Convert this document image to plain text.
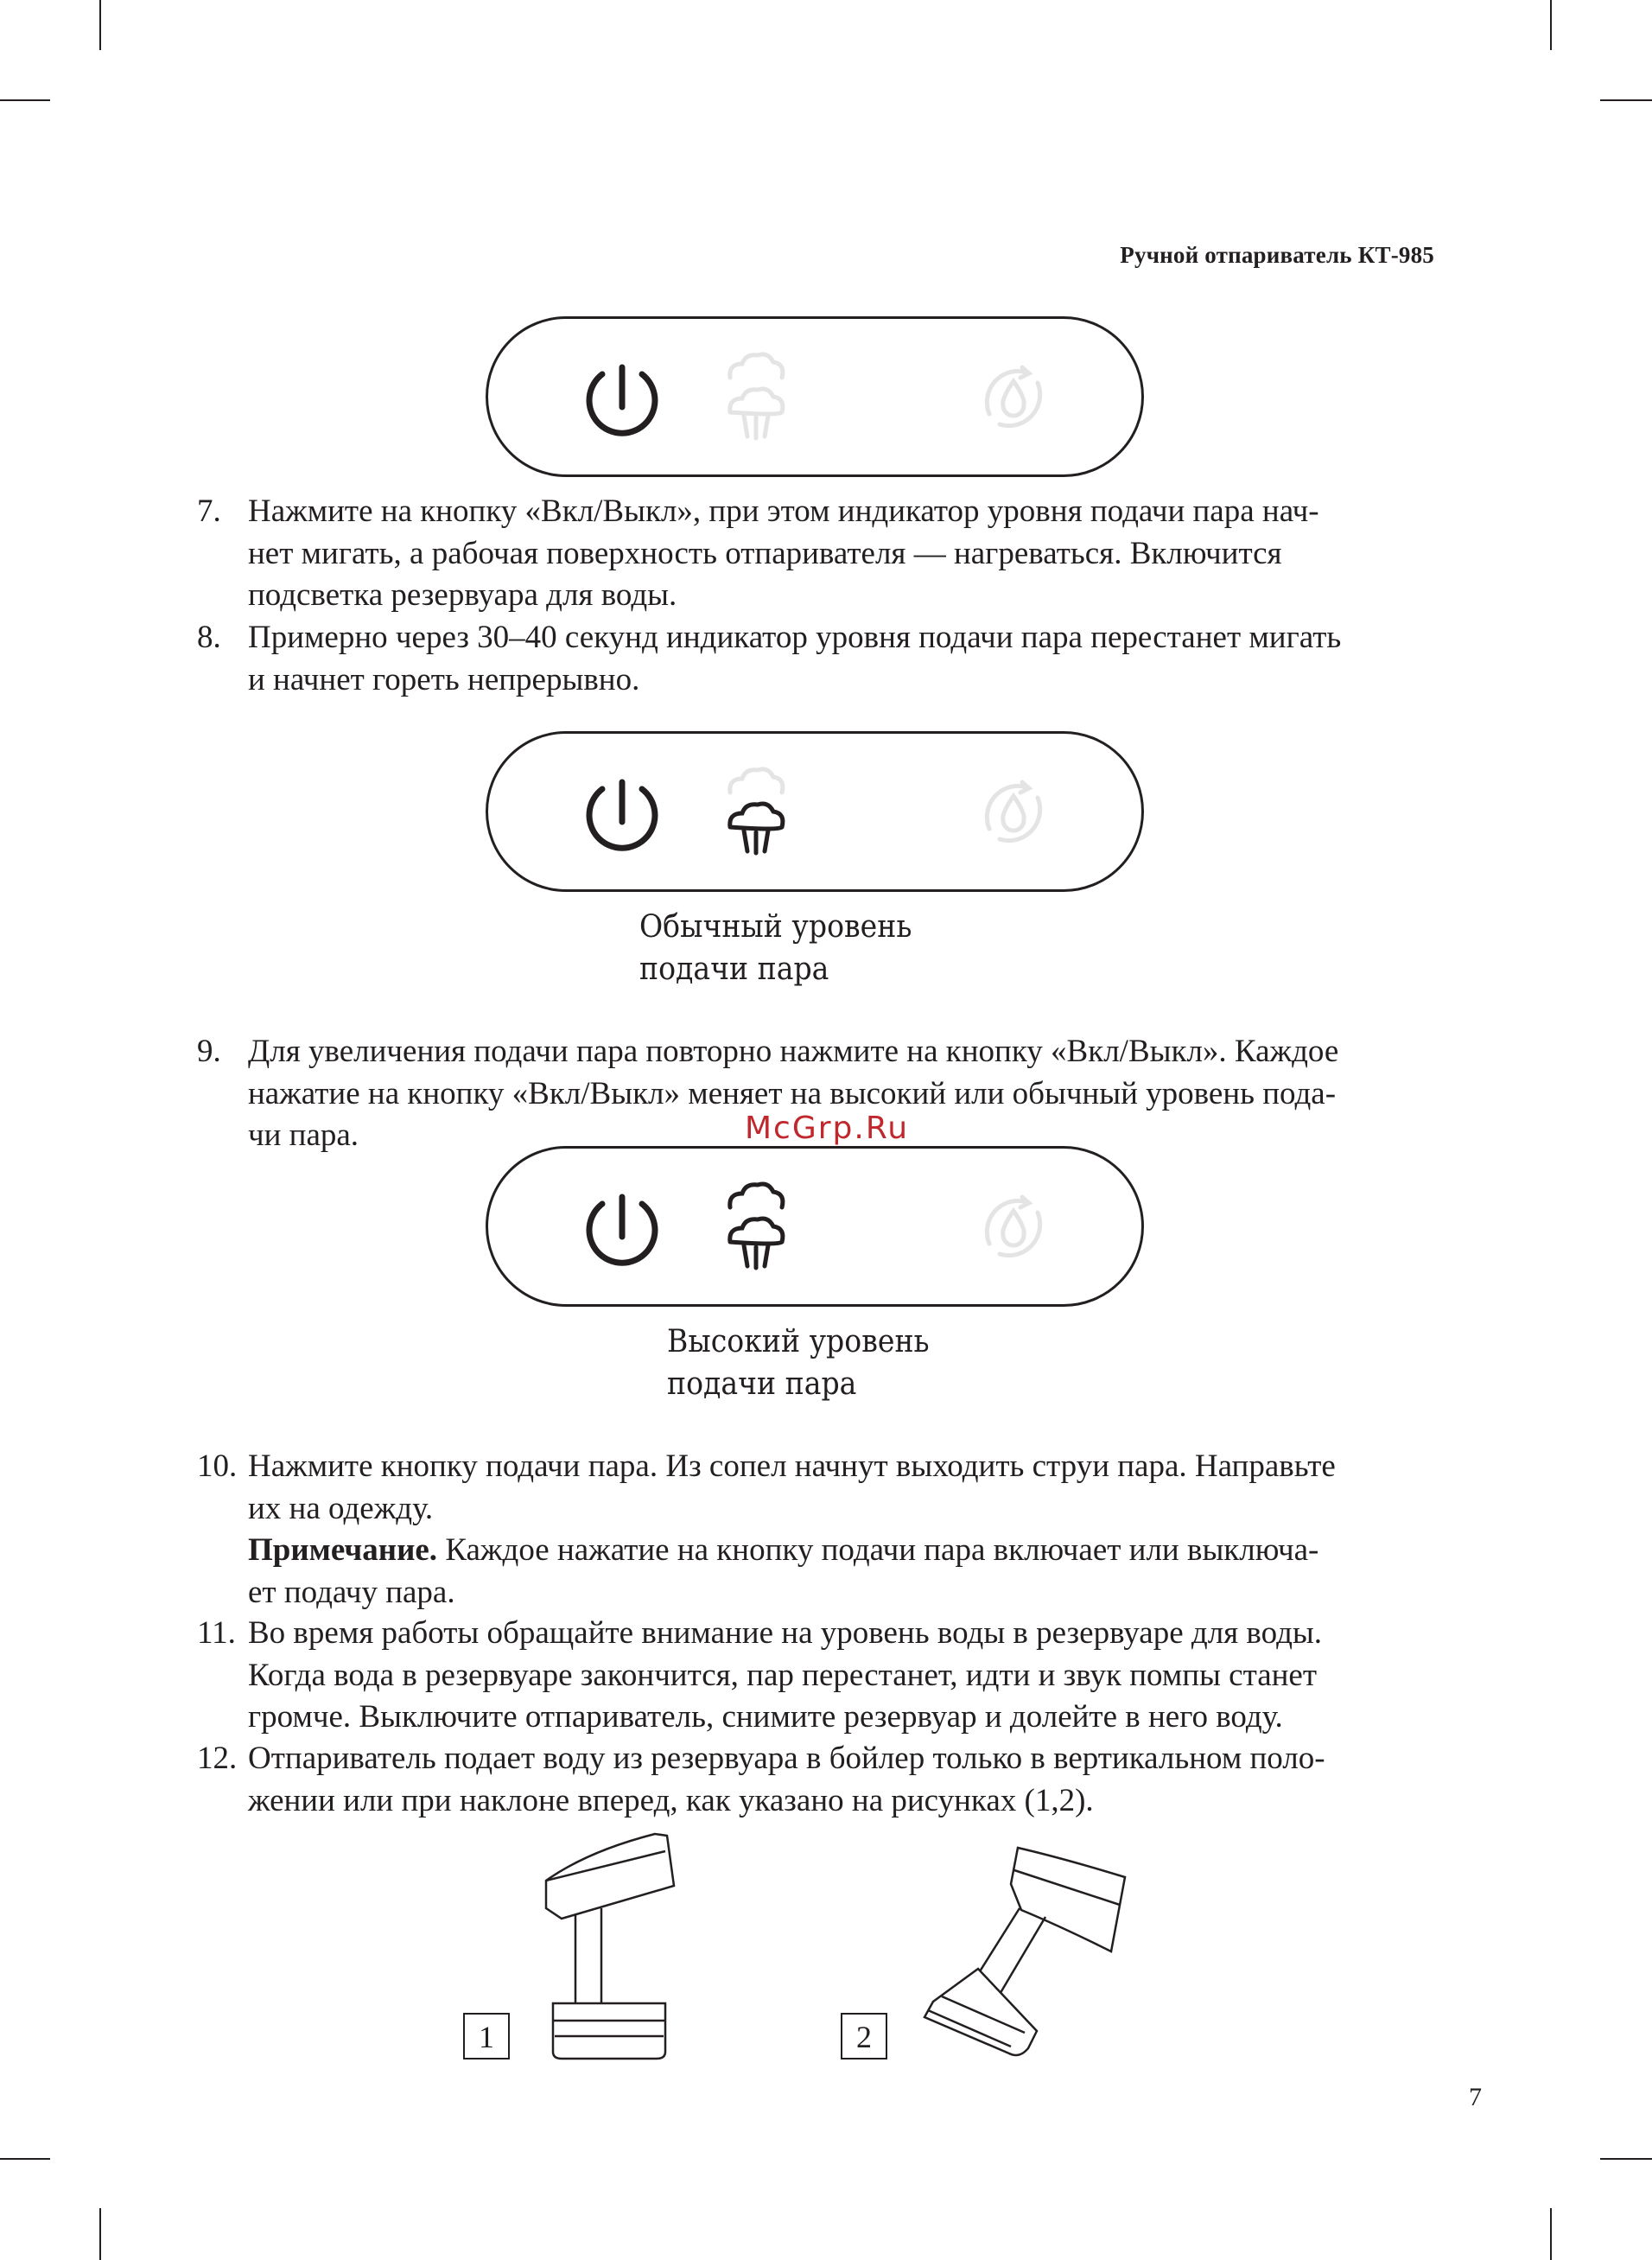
Ручной отпариватель КТ-985
7. Нажмите на кнопку «Вкл/Выкл», при этом индикатор уровня подачи пара нач-
нет мигать, а рабочая поверхность отпаривателя — нагреваться. Включится
подсветка резервуара для воды.
8. Примерно через 30–40 секунд индикатор уровня подачи пара перестанет мигать
и начнет гореть непрерывно.
Обычный уровень
подачи пара
9. Для увеличения подачи пара повторно нажмите на кнопку «Вкл/Выкл». Каждое
нажатие на кнопку «Вкл/Выкл» меняет на высокий или обычный уровень пода-
чи пара.	McGrp.Ru
Высокий уровень
подачи пара
10. Нажмите кнопку подачи пара. Из сопел начнут выходить струи пара. Направьте
их на одежду.
Примечание. Каждое нажатие на кнопку подачи пара включает или выключа-
ет подачу пара.
11. Во время работы обращайте внимание на уровень воды в резервуаре для воды.
Когда вода в резервуаре закончится, пар перестанет, идти и звук помпы станет
громче. Выключите отпариватель, снимите резервуар и долейте в него воду.
12. Отпариватель подает воду из резервуара в бойлер только в вертикальном поло-
жении или при наклоне вперед, как указано на рисунках (1,2).
1	2
7
